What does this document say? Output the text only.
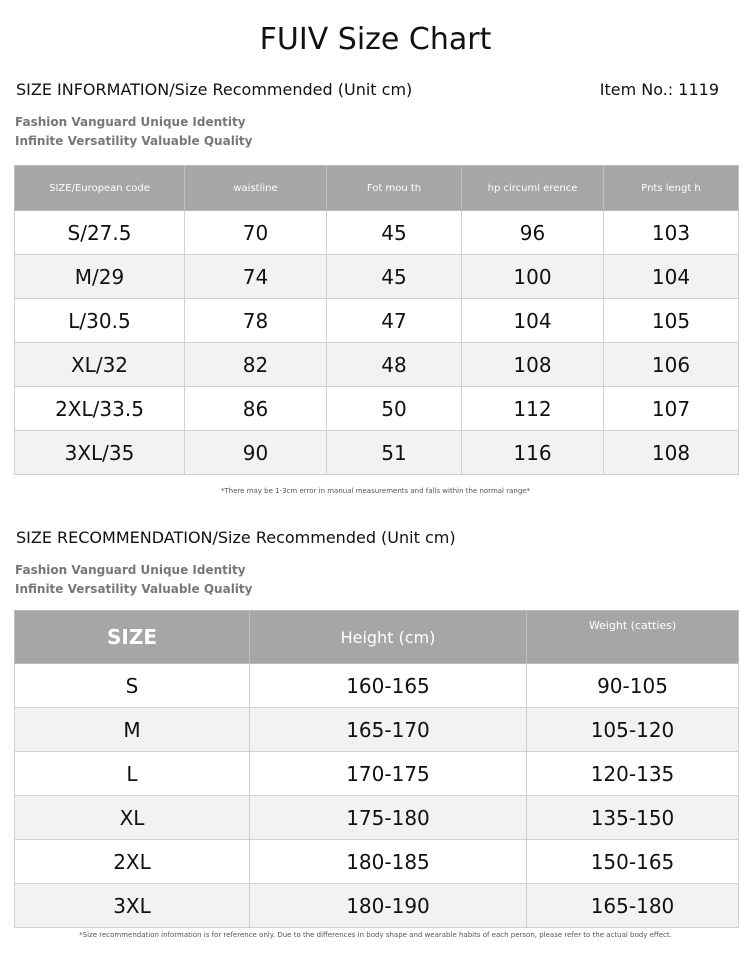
FUIV Size Chart
SIZE INFORMATION/Size Recommended (Unit cm)	Item No.: 1119
Fashion Vanguard Unique Identity
Infinite Versatility Valuable Quality
SIZE/European code	waistline	Fot mou th	hp circuml erence	Pnts lengt h
S/27.5	70	45	96	103
M/29	74	45	100	104
L/30.5	78	47	104	105
XL/32	82	48	108	106
2XL/33.5	86	50	112	107
3XL/35	90	51	116	108
*There may be 1-3cm error in manual measurements and falls within the normal range*
SIZE RECOMMENDATION/Size Recommended (Unit cm)
Fashion Vanguard Unique Identity
Infinite Versatility Valuable Quality
SIZE	Height (cm)	Weight (catties)
S	160-165	90-105
M	165-170	105-120
L	170-175	120-135
XL	175-180	135-150
2XL	180-185	150-165
3XL	180-190	165-180
*Size recommendation information is for reference only. Due to the differences in body shape and wearable habits of each person, please refer to the actual body effect.
